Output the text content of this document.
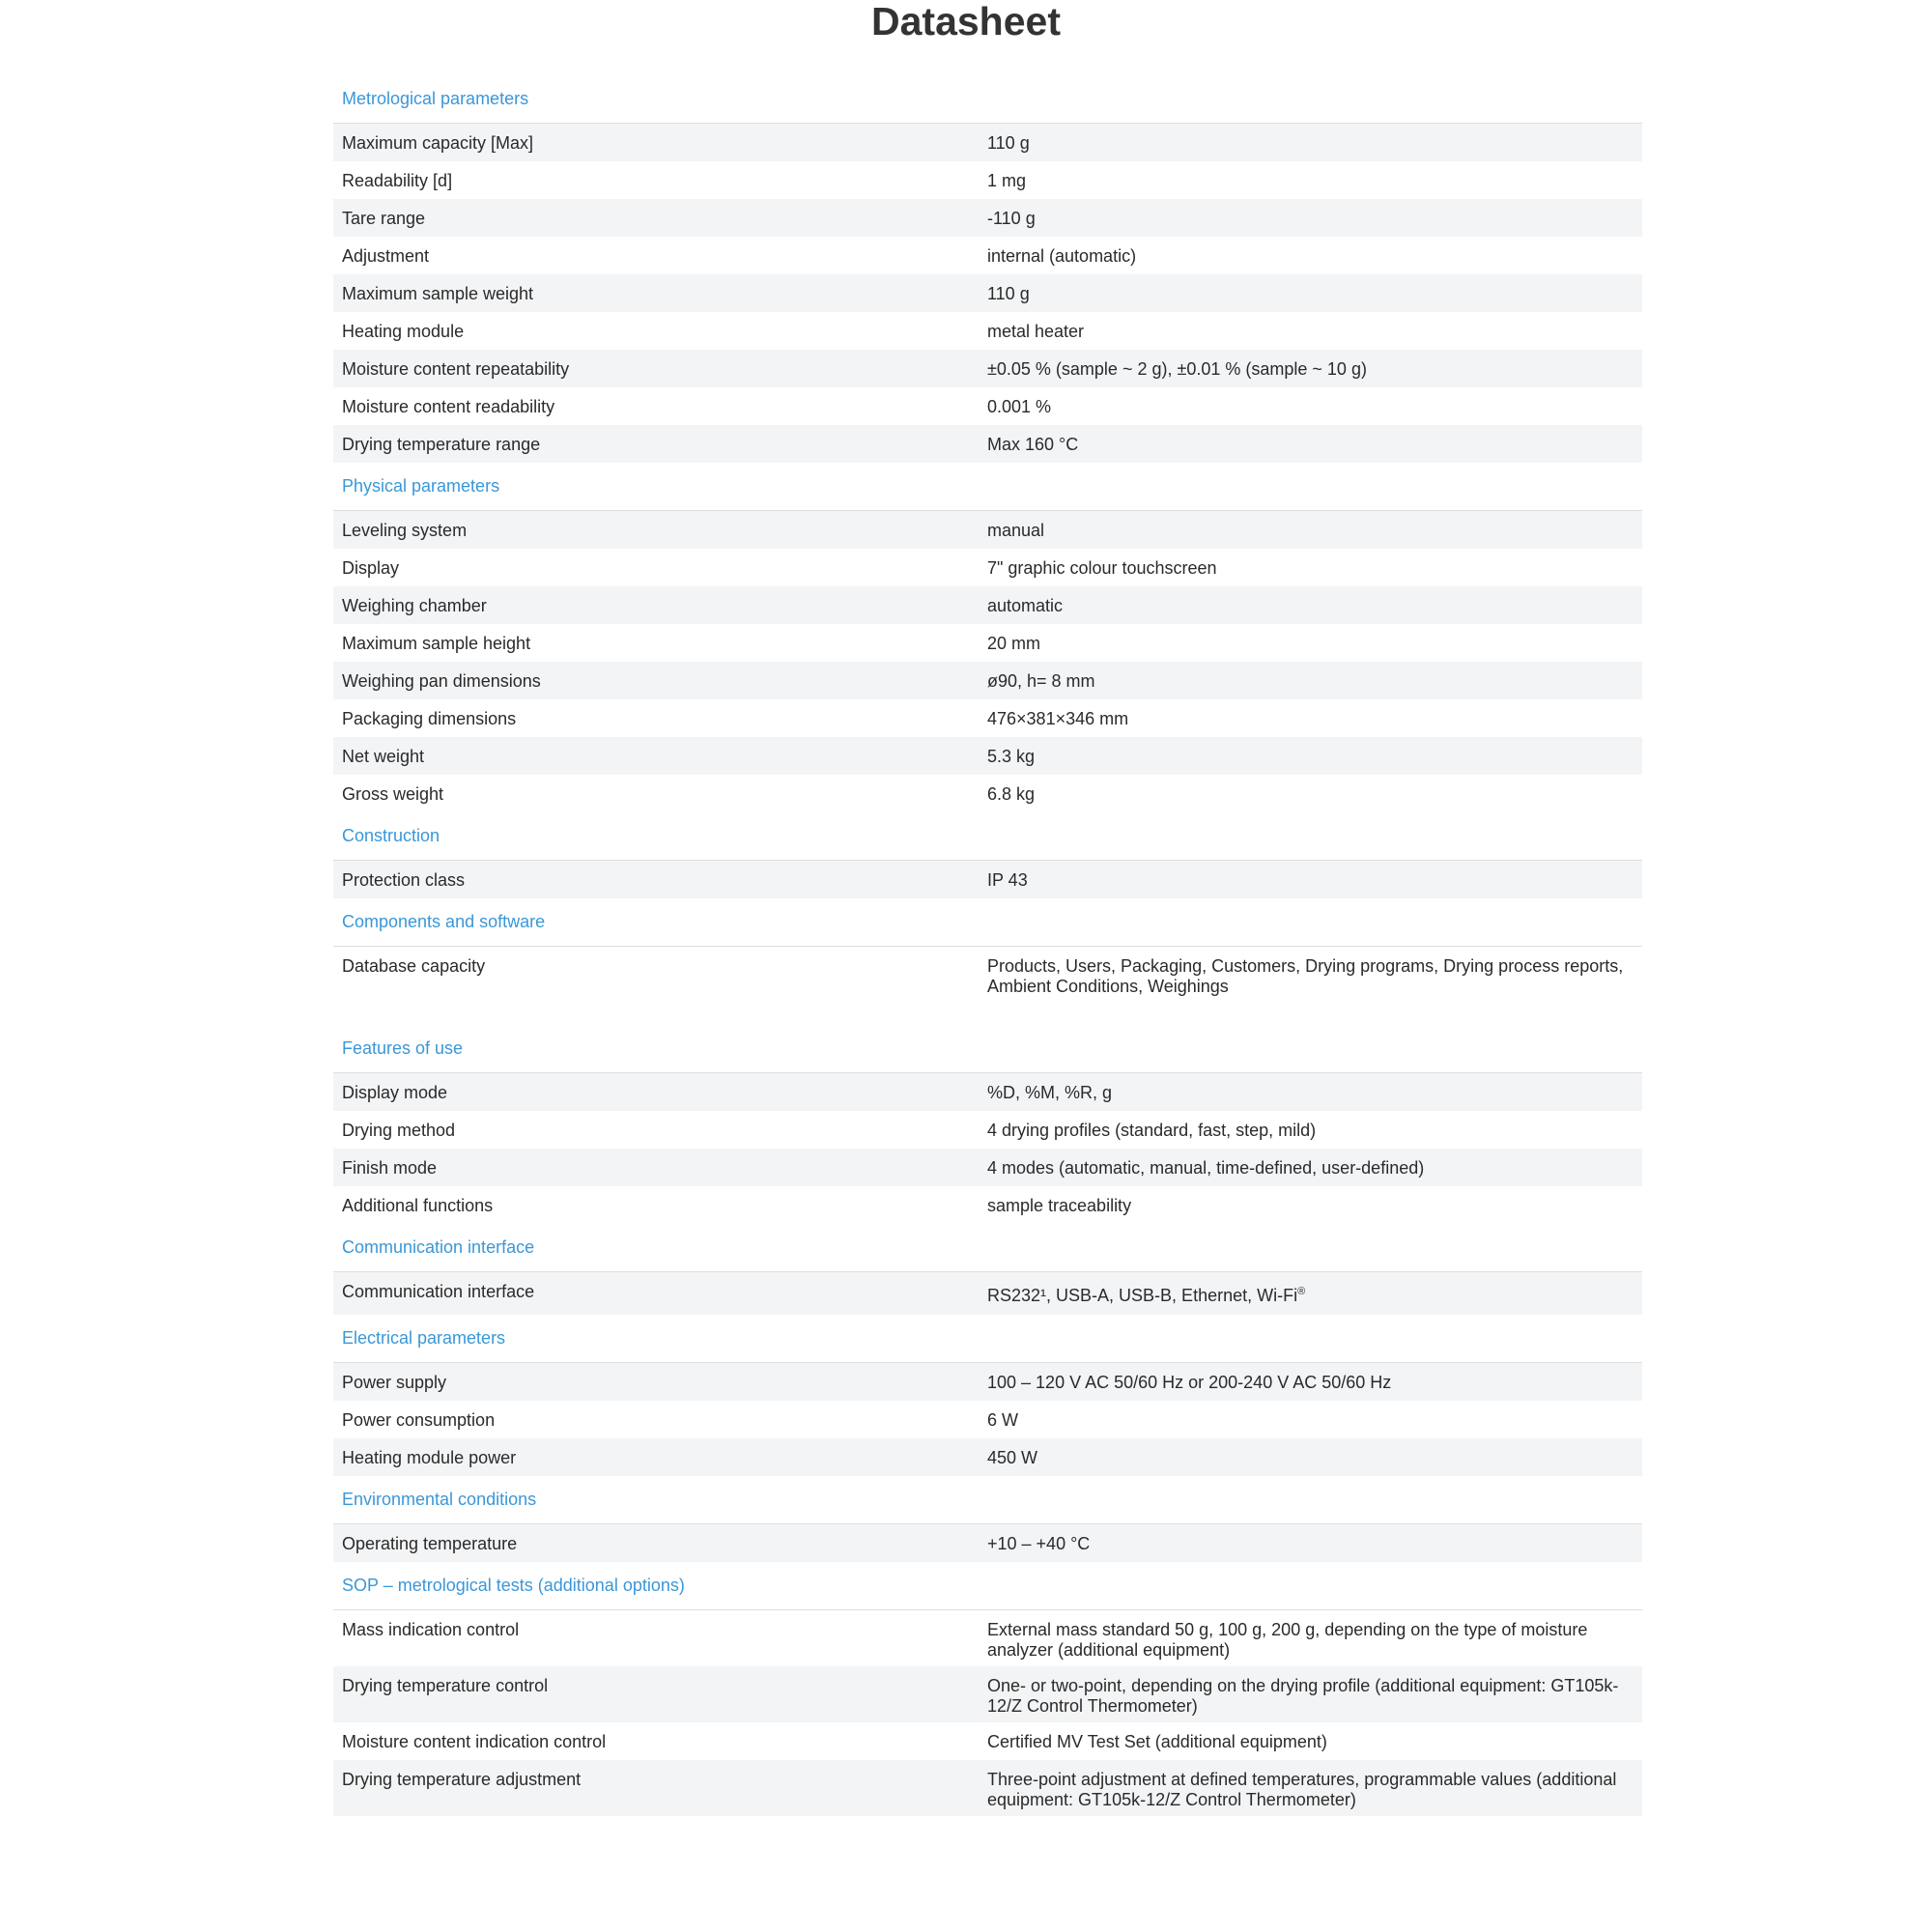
Datasheet
Metrological parameters
Maximum capacity [Max]	110 g
Readability [d]	1 mg
Tare range	-110 g
Adjustment	internal (automatic)
Maximum sample weight	110 g
Heating module	metal heater
Moisture content repeatability	±0.05 % (sample ~ 2 g), ±0.01 % (sample ~ 10 g)
Moisture content readability	0.001 %
Drying temperature range	Max 160 °C
Physical parameters
Leveling system	manual
Display	7" graphic colour touchscreen
Weighing chamber	automatic
Maximum sample height	20 mm
Weighing pan dimensions	ø90, h= 8 mm
Packaging dimensions	476×381×346 mm
Net weight	5.3 kg
Gross weight	6.8 kg
Construction
Protection class	IP 43
Components and software
Database capacity	Products, Users, Packaging, Customers, Drying programs, Drying process reports, Ambient Conditions, Weighings
Features of use
Display mode	%D, %M, %R, g
Drying method	4 drying profiles (standard, fast, step, mild)
Finish mode	4 modes (automatic, manual, time-defined, user-defined)
Additional functions	sample traceability
Communication interface
Communication interface	RS232¹, USB-A, USB-B, Ethernet, Wi-Fi®
Electrical parameters
Power supply	100 – 120 V AC 50/60 Hz or 200-240 V AC 50/60 Hz
Power consumption	6 W
Heating module power	450 W
Environmental conditions
Operating temperature	+10 – +40 °C
SOP – metrological tests (additional options)
Mass indication control	External mass standard 50 g, 100 g, 200 g, depending on the type of moisture analyzer (additional equipment)
Drying temperature control	One- or two-point, depending on the drying profile (additional equipment: GT105k-12/Z Control Thermometer)
Moisture content indication control	Certified MV Test Set (additional equipment)
Drying temperature adjustment	Three-point adjustment at defined temperatures, programmable values (additional equipment: GT105k-12/Z Control Thermometer)
